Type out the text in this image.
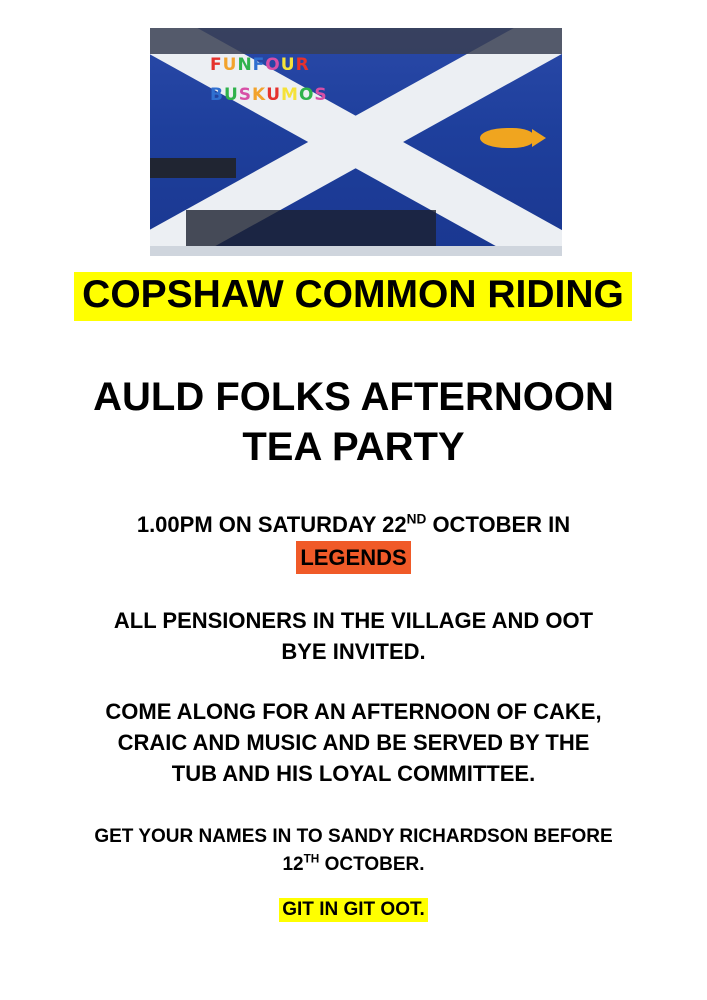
FUNFOUR
BUSKUMOS
COPSHAW COMMON RIDING
AULD FOLKS AFTERNOON
TEA PARTY
1.00PM ON SATURDAY 22ND OCTOBER IN
LEGENDS
ALL PENSIONERS IN THE VILLAGE AND OOT
BYE INVITED.
COME ALONG FOR AN AFTERNOON OF CAKE,
CRAIC AND MUSIC AND BE SERVED BY THE
TUB AND HIS LOYAL COMMITTEE.
GET YOUR NAMES IN TO SANDY RICHARDSON BEFORE
12TH OCTOBER.
GIT IN GIT OOT.
